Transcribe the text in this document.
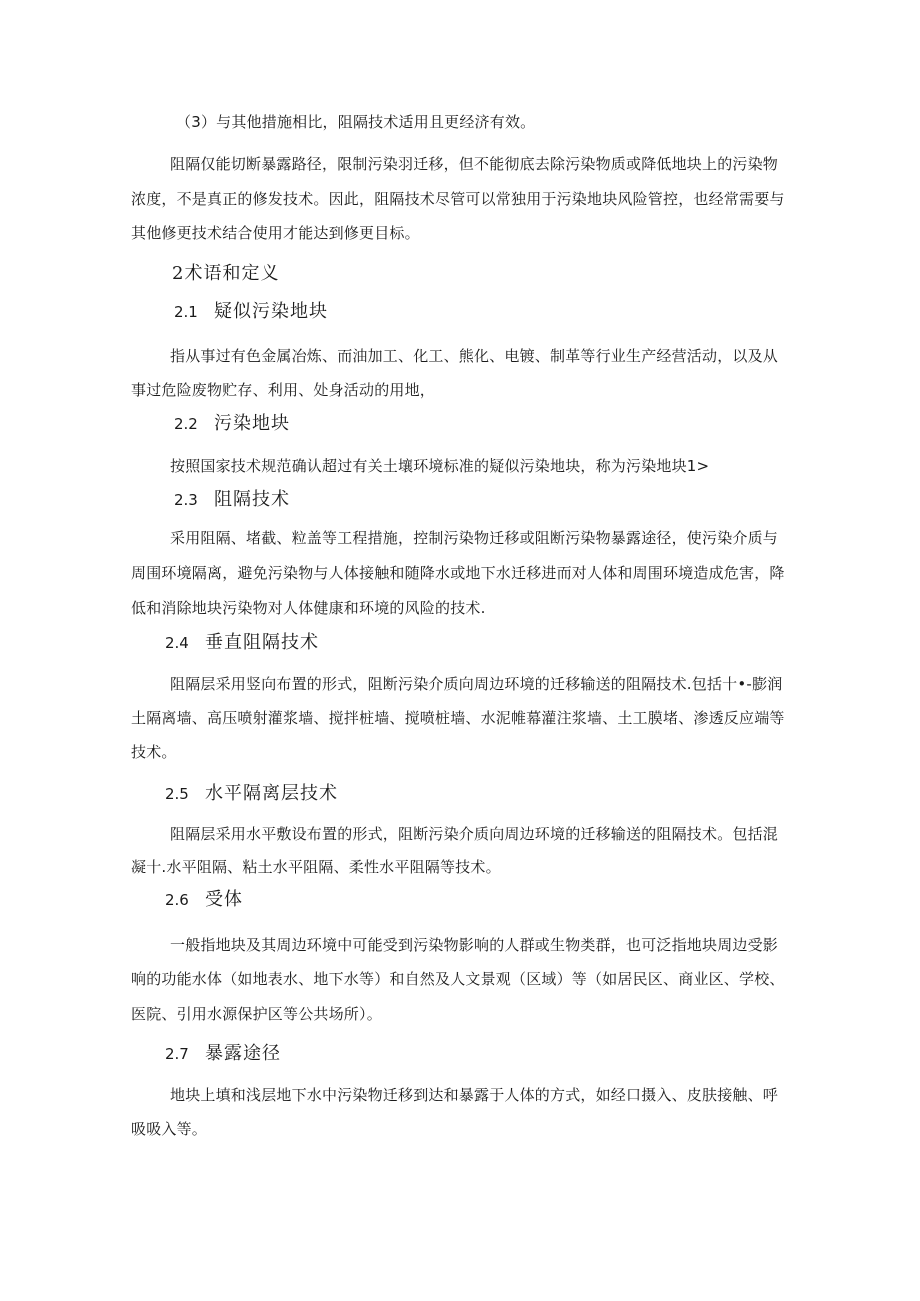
（3）与其他措施相比，阻隔技术适用且更经济有效。
阻隔仅能切断暴露路径，限制污染羽迁移，但不能彻底去除污染物质或降低地块上的污染物
浓度，不是真正的修发技术。因此，阻隔技术尽管可以常独用于污染地块风险管控，也经常需要与
其他修更技术结合使用才能达到修更目标。
2术语和定义
2.1 疑似污染地块
指从事过有色金属冶炼、而油加工、化工、熊化、电镀、制革等行业生产经营活动，以及从
事过危险废物贮存、利用、处身活动的用地，
2.2 污染地块
按照国家技术规范确认超过有关土壤环境标准的疑似污染地块，称为污染地块1>
2.3 阻隔技术
采用阻隔、堵截、粒盖等工程措施，控制污染物迁移或阻断污染物暴露途径，使污染介质与
周围环境隔离，避免污染物与人体接触和随降水或地下水迁移进而对人体和周围环境造成危害，降
低和消除地块污染物对人体健康和环境的风险的技术.
2.4 垂直阻隔技术
阻隔层采用竖向布置的形式，阻断污染介质向周边环境的迁移输送的阻隔技术.包括十•-膨润
土隔离墙、高压喷射灌浆墙、搅拌桩墙、搅喷桩墙、水泥帷幕灌注浆墙、土工膜堵、渗透反应端等
技术。
2.5 水平隔离层技术
阻隔层采用水平敷设布置的形式，阻断污染介质向周边环境的迁移输送的阻隔技术。包括混
凝十.水平阻隔、粘土水平阻隔、柔性水平阻隔等技术。
2.6 受体
一般指地块及其周边环境中可能受到污染物影响的人群或生物类群，也可泛指地块周边受影
响的功能水体（如地表水、地下水等）和自然及人文景观（区域）等（如居民区、商业区、学校、
医院、引用水源保护区等公共场所）。
2.7 暴露途径
地块上填和浅层地下水中污染物迁移到达和暴露于人体的方式，如经口摄入、皮肤接触、呼
吸吸入等。
